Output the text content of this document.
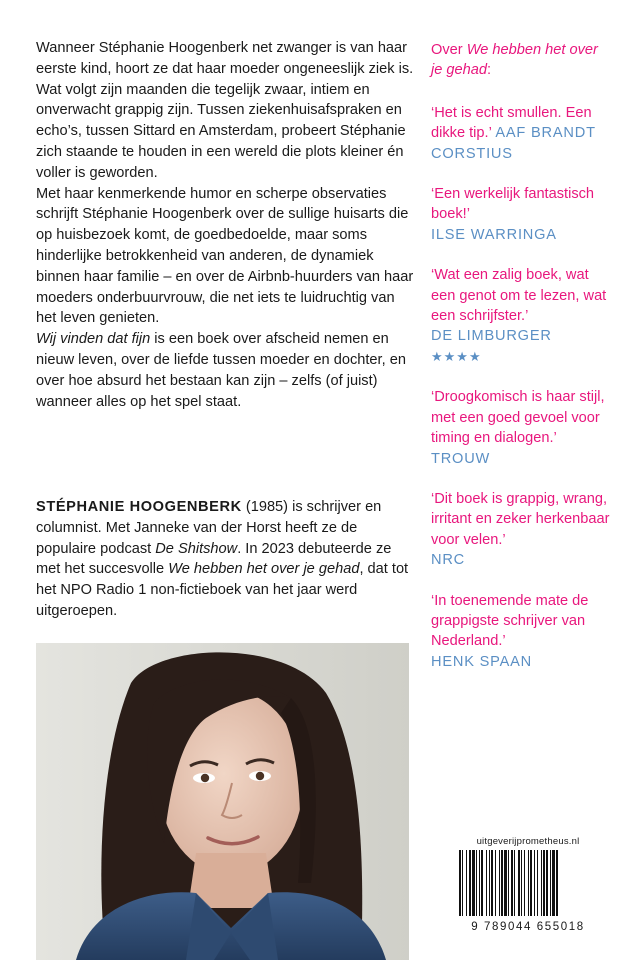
Wanneer Stéphanie Hoogenberk net zwanger is van haar eerste kind, hoort ze dat haar moeder ongeneeslijk ziek is. Wat volgt zijn maanden die tegelijk zwaar, intiem en onverwacht grappig zijn. Tussen ziekenhuisafspraken en echo’s, tussen Sittard en Amsterdam, probeert Stéphanie zich staande te houden in een wereld die plots kleiner én voller is geworden.

Met haar kenmerkende humor en scherpe observaties schrijft Stéphanie Hoogenberk over de sullige huisarts die op huisbezoek komt, de goedbedoelde, maar soms hinderlijke betrokkenheid van anderen, de dynamiek binnen haar familie – en over de Airbnb-huurders van haar moeders onderbuurvrouw, die net iets te luidruchtig van het leven genieten.

Wij vinden dat fijn is een boek over afscheid nemen en nieuw leven, over de liefde tussen moeder en dochter, en over hoe absurd het bestaan kan zijn – zelfs (of juist) wanneer alles op het spel staat.

STÉPHANIE HOOGENBERK (1985) is schrijver en columnist. Met Janneke van der Horst heeft ze de populaire podcast De Shitshow. In 2023 debuteerde ze met het succesvolle We hebben het over je gehad, dat tot het NPO Radio 1 non-fictieboek van het jaar werd uitgeroepen.

Over We hebben het over je gehad:
‘Het is echt smullen. Een dikke tip.’ AAF BRANDT CORSTIUS
‘Een werkelijk fantastisch boek!’
ILSE WARRINGA
‘Wat een zalig boek, wat een genot om te lezen, wat een schrijfster.’
DE LIMBURGER
★★★★
‘Droogkomisch is haar stijl, met een goed gevoel voor timing en dialogen.’
TROUW
‘Dit boek is grappig, wrang, irritant en zeker herkenbaar voor velen.’
NRC
‘In toenemende mate de grappigste schrijver van Nederland.’
HENK SPAAN

uitgeverijprometheus.nl

9 789044 655018
